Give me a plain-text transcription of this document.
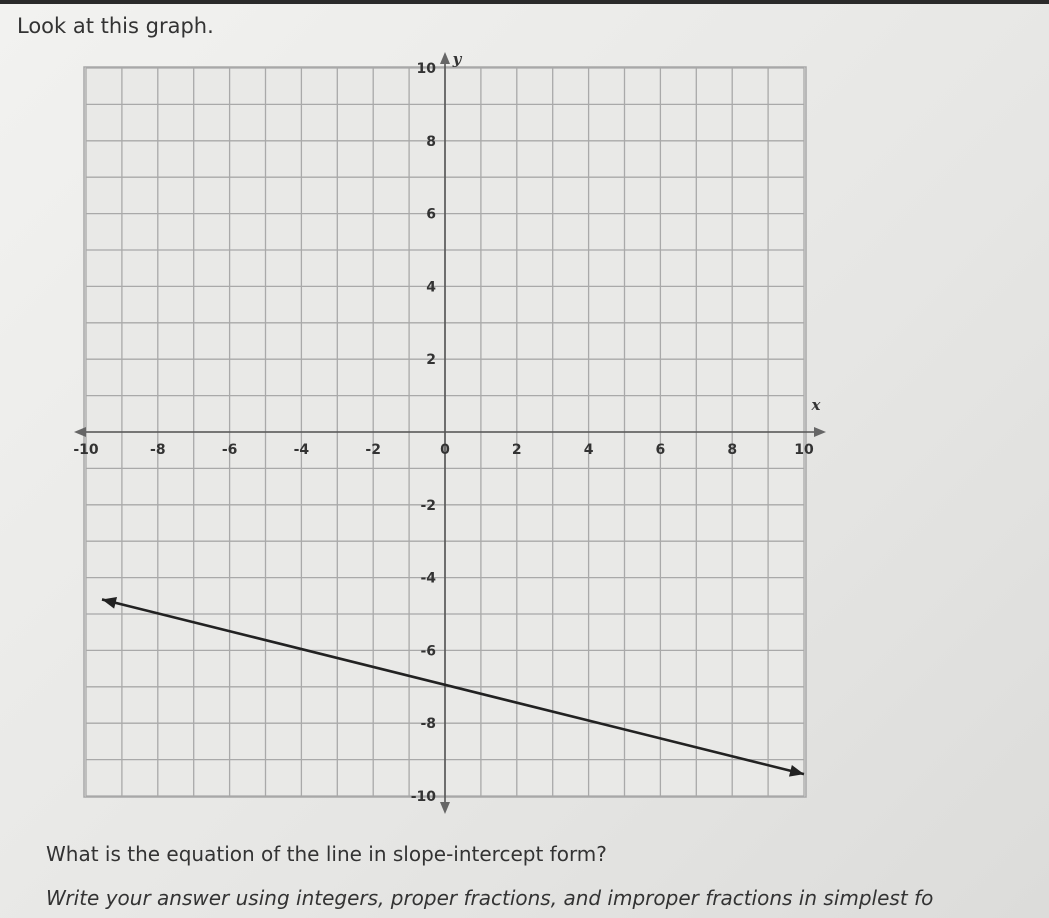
Look at this graph.
-10	-8	-6	-4	-2	0	2	4	6	8	10
10
8
6
4
2
-2
-4
-6
-8
-10
x
y
What is the equation of the line in slope-intercept form?
Write your answer using integers, proper fractions, and improper fractions in simplest fo
